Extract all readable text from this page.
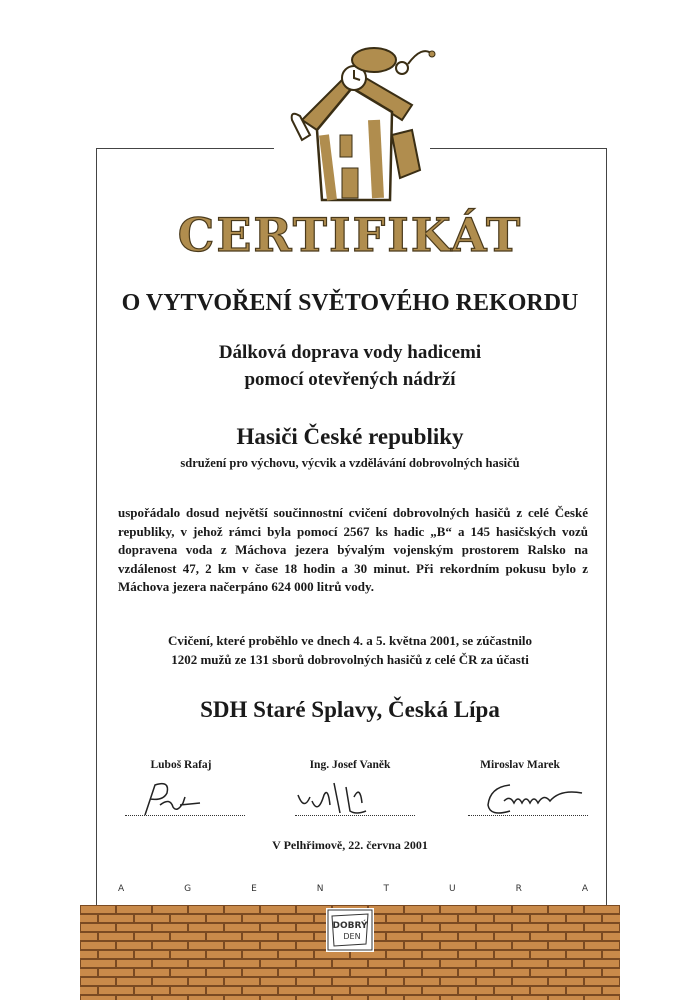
CERTIFIKÁT
O VYTVOŘENÍ SVĚTOVÉHO REKORDU
Dálková doprava vody hadicemi
pomocí otevřených nádrží
Hasiči České republiky
sdružení pro výchovu, výcvik a vzdělávání dobrovolných hasičů
uspořádalo dosud největší součinnostní cvičení dobrovolných hasičů z celé České republiky, v jehož rámci byla pomocí 2567 ks hadic „B“ a 145 hasičských vozů dopravena voda z Máchova jezera bývalým vojenským prostorem Ralsko na vzdálenost 47, 2 km v čase 18 hodin a 30 minut. Při rekordním pokusu bylo z Máchova jezera načerpáno 624 000 litrů vody.
Cvičení, které proběhlo ve dnech 4. a 5. května 2001, se zúčastnilo
1202 mužů ze 131 sborů dobrovolných hasičů z celé ČR za účasti
SDH Staré Splavy, Česká Lípa
Luboš Rafaj	Ing. Josef Vaněk	Miroslav Marek
V Pelhřimově, 22. června 2001
A	G	E	N	T	U	R	A
DOBRÝ
DEN
